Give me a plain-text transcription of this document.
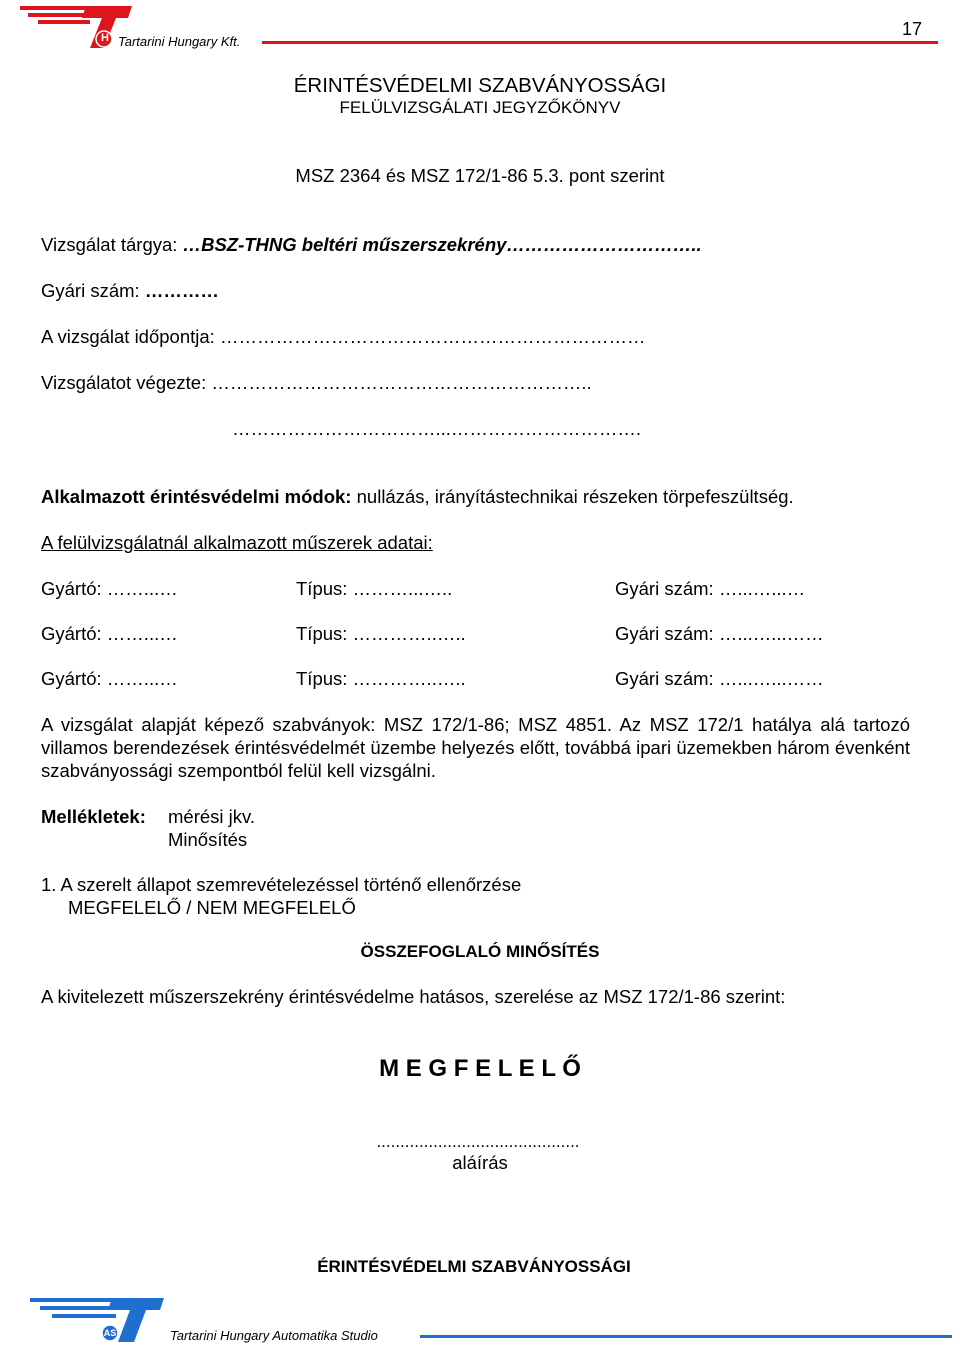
H Tartarini Hungary Kft.
17
ÉRINTÉSVÉDELMI SZABVÁNYOSSÁGI
FELÜLVIZSGÁLATI JEGYZŐKÖNYV
MSZ 2364 és MSZ 172/1-86 5.3. pont szerint
Vizsgálat tárgya: …BSZ-THNG beltéri műszerszekrény…………………………..
Gyári szám: …………
A vizsgálat időpontja: ……………………………………………………………
Vizsgálatot végezte: ……………………………………………………..
……………………………...………………………….
Alkalmazott érintésvédelmi módok: nullázás, irányítástechnikai részeken törpefeszültség.
A felülvizsgálatnál alkalmazott műszerek adatai:
Gyártó: ……...…	Típus: ………...…..	Gyári szám: …...…...…
Gyártó: ……...…	Típus: …………..…..	Gyári szám: …...…...……
Gyártó: ……...…	Típus: …………..…..	Gyári szám: …...…...……
A vizsgálat alapját képező szabványok: MSZ 172/1-86; MSZ 4851. Az MSZ 172/1 hatálya alá tartozó villamos berendezések érintésvédelmét üzembe helyezés előtt, továbbá ipari üzemekben három évenként szabványossági szempontból felül kell vizsgálni.
Mellékletek: mérési jkv.
Minősítés
1. A szerelt állapot szemrevételezéssel történő ellenőrzése
MEGFELELŐ / NEM MEGFELELŐ
ÖSSZEFOGLALÓ MINŐSÍTÉS
A kivitelezett műszerszekrény érintésvédelme hatásos, szerelése az MSZ 172/1-86 szerint:
M E G F E L E L Ő
...........................................
aláírás
ÉRINTÉSVÉDELMI SZABVÁNYOSSÁGI
AS	Tartarini Hungary Automatika Studio
